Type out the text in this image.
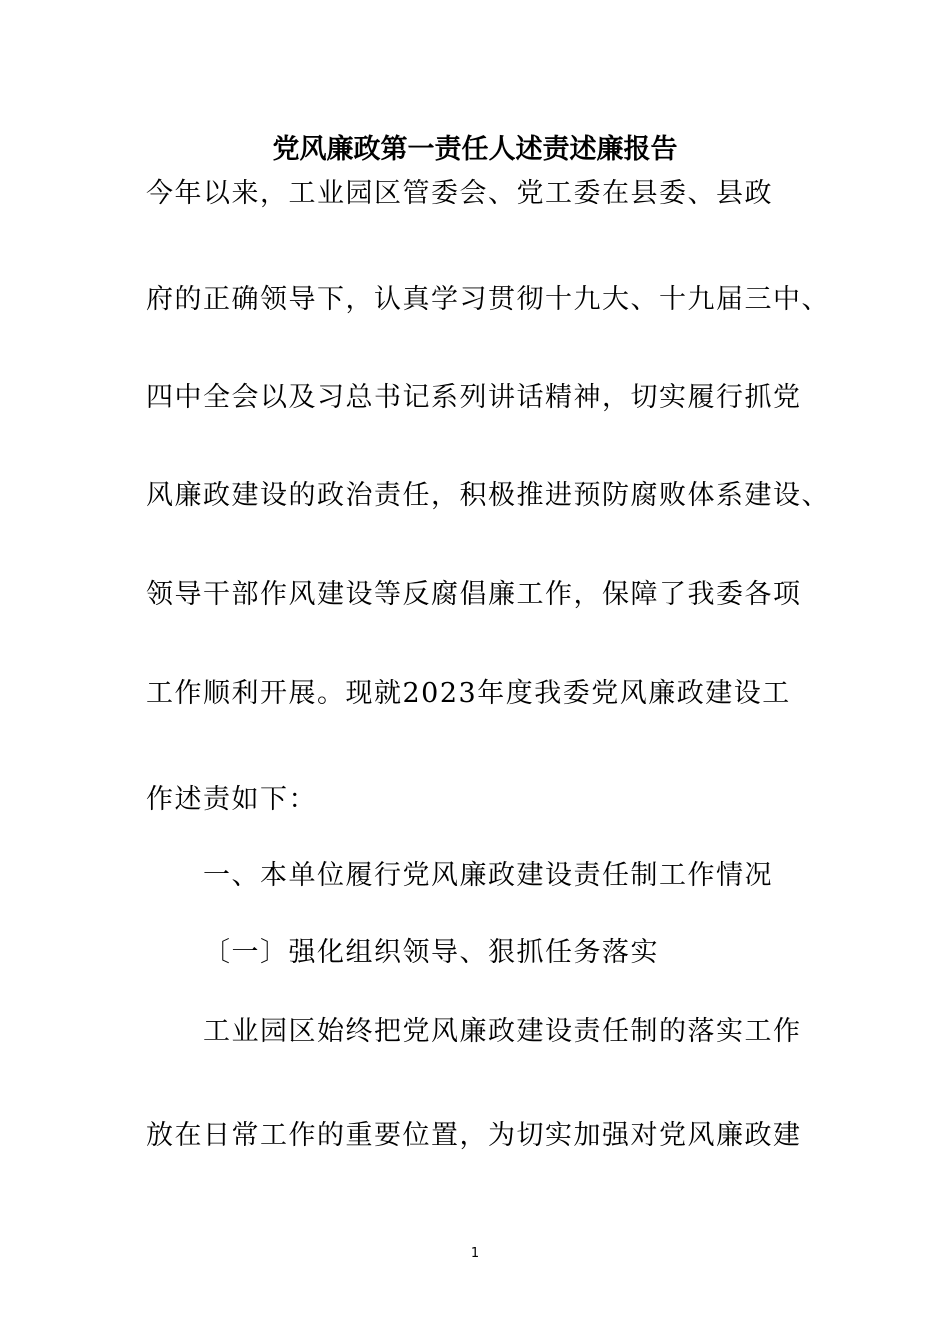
党风廉政第一责任人述责述廉报告

今年以来，工业园区管委会、党工委在县委、县政

府的正确领导下，认真学习贯彻十九大、十九届三中、

四中全会以及习总书记系列讲话精神，切实履行抓党

风廉政建设的政治责任，积极推进预防腐败体系建设、

领导干部作风建设等反腐倡廉工作，保障了我委各项

工作顺利开展。现就2023年度我委党风廉政建设工

作述责如下：

一、本单位履行党风廉政建设责任制工作情况

〔一〕强化组织领导、狠抓任务落实

工业园区始终把党风廉政建设责任制的落实工作

放在日常工作的重要位置，为切实加强对党风廉政建

1
